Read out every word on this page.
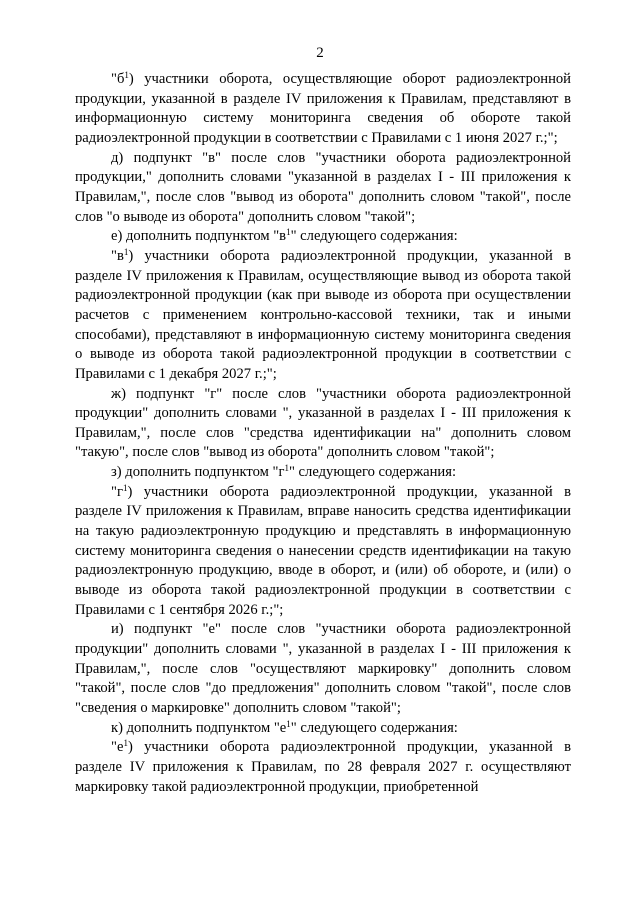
2

"$б^1$) участники оборота, осуществляющие оборот радиоэлектронной продукции, указанной в разделе IV приложения к Правилам, представляют в информационную систему мониторинга сведения об обороте такой радиоэлектронной продукции в соответствии с Правилами с 1 июня 2027 г.;";

д) подпункт "в" после слов "участники оборота радиоэлектронной продукции," дополнить словами "указанной в разделах I - III приложения к Правилам,", после слов "вывод из оборота" дополнить словом "такой", после слов "о выводе из оборота" дополнить словом "такой";

е) дополнить подпунктом "$в^1$" следующего содержания:

"$в^1$) участники оборота радиоэлектронной продукции, указанной в разделе IV приложения к Правилам, осуществляющие вывод из оборота такой радиоэлектронной продукции (как при выводе из оборота при осуществлении расчетов с применением контрольно-кассовой техники, так и иными способами), представляют в информационную систему мониторинга сведения о выводе из оборота такой радиоэлектронной продукции в соответствии с Правилами с 1 декабря 2027 г.;";

ж) подпункт "г" после слов "участники оборота радиоэлектронной продукции" дополнить словами ", указанной в разделах I - III приложения к Правилам,", после слов "средства идентификации на" дополнить словом "такую", после слов "вывод из оборота" дополнить словом "такой";

з) дополнить подпунктом "$г^1$" следующего содержания:

"$г^1$) участники оборота радиоэлектронной продукции, указанной в разделе IV приложения к Правилам, вправе наносить средства идентификации на такую радиоэлектронную продукцию и представлять в информационную систему мониторинга сведения о нанесении средств идентификации на такую радиоэлектронную продукцию, вводе в оборот, и (или) об обороте, и (или) о выводе из оборота такой радиоэлектронной продукции в соответствии с Правилами с 1 сентября 2026 г.;";

и) подпункт "е" после слов "участники оборота радиоэлектронной продукции" дополнить словами ", указанной в разделах I - III приложения к Правилам,", после слов "осуществляют маркировку" дополнить словом "такой", после слов "до предложения" дополнить словом "такой", после слов "сведения о маркировке" дополнить словом "такой";

к) дополнить подпунктом "$е^1$" следующего содержания:

"$е^1$) участники оборота радиоэлектронной продукции, указанной в разделе IV приложения к Правилам, по 28 февраля 2027 г. осуществляют маркировку такой радиоэлектронной продукции, приобретенной
